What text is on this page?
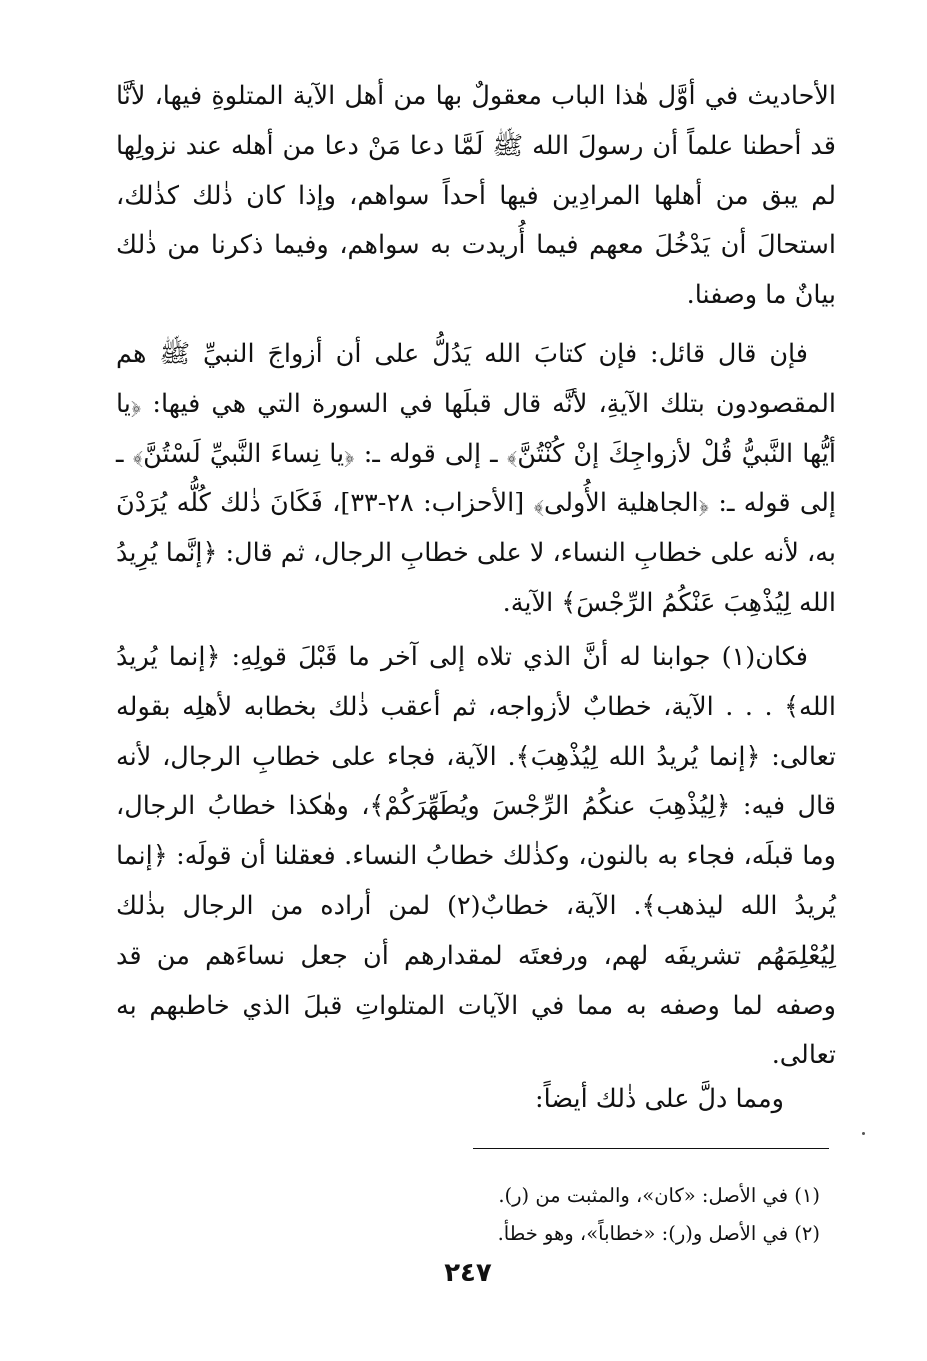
الأحاديث في أوَّل هٰذا الباب معقولٌ بها من أهل الآية المتلوةِ فيها، لأنَّا قد أحطنا علماً أن رسولَ الله ﷺ لَمَّا دعا مَنْ دعا من أهله عند نزولِها لم يبق من أهلها المرادِين فيها أحداً سواهم، وإذا كان ذٰلك كذٰلك، استحالَ أن يَدْخُلَ معهم فيما أُريدت به سواهم، وفيما ذكرنا من ذٰلك بيانٌ ما وصفنا.

فإن قال قائل: فإن كتابَ الله يَدُلُّ على أن أزواجَ النبيِّ ﷺ هم المقصودون بتلك الآيةِ، لأنَّه قال قبلَها في السورة التي هي فيها: ﴿يا أيُّها النَّبيُّ قُلْ لأزواجِكَ إنْ كُنْتُنَّ﴾ ـ إلى قوله ـ: ﴿يا نِساءَ النَّبيِّ لَسْتُنَّ﴾ ـ إلى قوله ـ: ﴿الجاهلية الأُولى﴾ [الأحزاب: ٢٨-٣٣]، فَكَانَ ذٰلك كُلُّه يُرَدْنَ به، لأنه على خطابِ النساء، لا على خطابِ الرجال، ثم قال: ﴿إنَّما يُرِيدُ الله لِيُذْهِبَ عَنْكُمُ الرِّجْسَ﴾ الآية.

فكان(١) جوابنا له أنَّ الذي تلاه إلى آخر ما قَبْلَ قولِهِ: ﴿إنما يُريدُ الله﴾ . . . الآية، خطابٌ لأزواجه، ثم أعقب ذٰلك بخطابه لأهلِه بقوله تعالى: ﴿إنما يُريدُ الله لِيُذْهِبَ﴾. الآية، فجاء على خطابِ الرجال، لأنه قال فيه: ﴿لِيُذْهِبَ عنكُمُ الرِّجْسَ ويُطَهِّرَكُمْ﴾، وهٰكذا خطابُ الرجال، وما قبلَه، فجاء به بالنون، وكذٰلك خطابُ النساء. فعقلنا أن قولَه: ﴿إنما يُريدُ الله ليذهب﴾. الآية، خطابٌ(٢) لمن أراده من الرجال بذٰلك لِيُعْلِمَهُم تشريفَه لهم، ورفعتَه لمقدارهم أن جعل نساءَهم من قد وصفه لما وصفه به مما في الآيات المتلواتِ قبلَ الذي خاطبهم به تعالى.

ومما دلَّ على ذٰلك أيضاً:

(١) في الأصل: «كان»، والمثبت من (ر).
(٢) في الأصل و(ر): «خطاباً»، وهو خطأ.
٢٤٧
